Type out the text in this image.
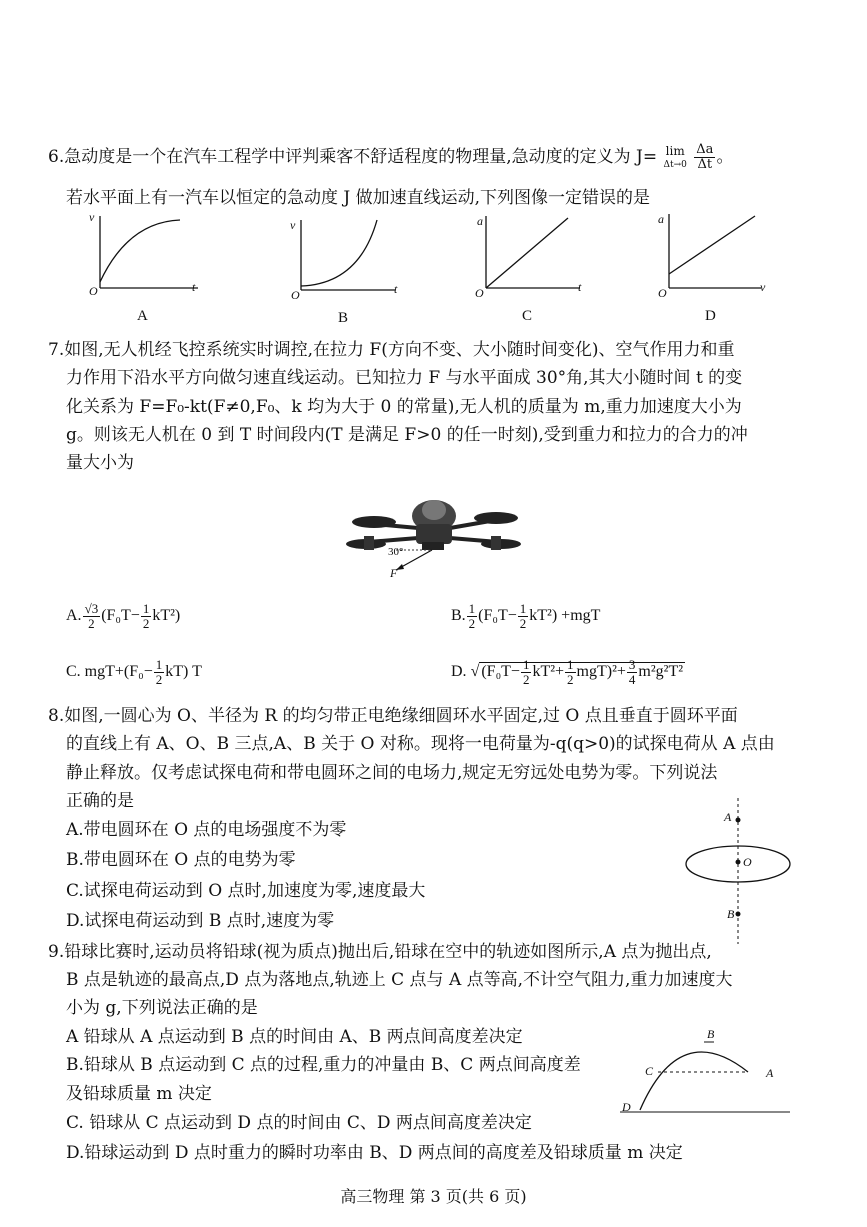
6.急动度是一个在汽车工程学中评判乘客不舒适程度的物理量,急动度的定义为 J= lim
Δt→0
$\frac{\Delta a}{\Delta t}$ 。
若水平面上有一汽车以恒定的急动度 J 做加速直线运动,下列图像一定错误的是
v
t
O
A
v
t
O
B
a
t
O
C
a
v
O
D
7.如图,无人机经飞控系统实时调控,在拉力 F(方向不变、大小随时间变化)、空气作用力和重
力作用下沿水平方向做匀速直线运动。已知拉力 F 与水平面成 30°角,其大小随时间 t 的变
化关系为 F=F₀-kt(F≠0,F₀、k 均为大于 0 的常量),无人机的质量为 m,重力加速度大小为
g。则该无人机在 0 到 T 时间段内(T 是满足 F>0 的任一时刻),受到重力和拉力的合力的冲
量大小为
30°
F
A. $\frac{√3}{2} (F_0T- \frac{1}{2} kT^2)$	B. $\frac{1}{2} (F_0T- \frac{1}{2} kT^2) +mgT$
C. $mgT+(F_0- \frac{1}{2} kT)$ T	D. √ $(F_0T- \frac{1}{2} kT^2+ \frac{1}{2} mgT)^2+ \frac{3}{4} m^2g^2T^2$
8.如图,一圆心为 O、半径为 R 的均匀带正电绝缘细圆环水平固定,过 O 点且垂直于圆环平面
的直线上有 A、O、B 三点,A、B 关于 O 对称。现将一电荷量为-q(q>0)的试探电荷从 A 点由
静止释放。仅考虑试探电荷和带电圆环之间的电场力,规定无穷远处电势为零。下列说法
正确的是
A.带电圆环在 O 点的电场强度不为零
B.带电圆环在 O 点的电势为零
C.试探电荷运动到 O 点时,加速度为零,速度最大
D.试探电荷运动到 B 点时,速度为零
A
O
B
9.铅球比赛时,运动员将铅球(视为质点)抛出后,铅球在空中的轨迹如图所示,A 点为抛出点,
B 点是轨迹的最高点,D 点为落地点,轨迹上 C 点与 A 点等高,不计空气阻力,重力加速度大
小为 g,下列说法正确的是
A 铅球从 A 点运动到 B 点的时间由 A、B 两点间高度差决定
B.铅球从 B 点运动到 C 点的过程,重力的冲量由 B、C 两点间高度差
及铅球质量 m 决定
C. 铅球从 C 点运动到 D 点的时间由 C、D 两点间高度差决定
D.铅球运动到 D 点时重力的瞬时功率由 B、D 两点间的高度差及铅球质量 m 决定
B
C	A
D
高三物理 第 3 页(共 6 页)
